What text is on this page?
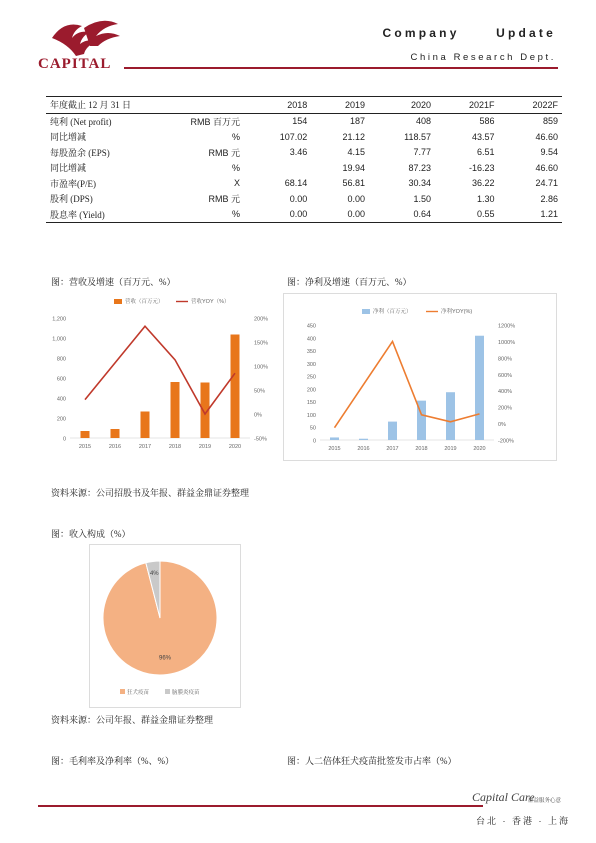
CAPITAL
Company Update
China Research Dept.
年度截止 12 月 31 日		2018	2019	2020	2021F	2022F
纯利 (Net profit)	RMB 百万元	154	187	408	586	859
同比增减	%	107.02	21.12	118.57	43.57	46.60
每股盈余 (EPS)	RMB 元	3.46	4.15	7.77	6.51	9.54
同比增减	%		19.94	87.23	-16.23	46.60
市盈率(P/E)	X	68.14	56.81	30.34	36.22	24.71
股利 (DPS)	RMB 元	0.00	0.00	1.50	1.30	2.86
股息率 (Yield)	%	0.00	0.00	0.64	0.55	1.21
图：营收及增速（百万元、%）	图：净利及增速（百万元、%）
0
200
400
600
800
1,000
1,200
-50%
0%
50%
100%
150%
200%
2015	2016	2017	2018	2019	2020
营收（百万元）	营收YOY（%）
0
50
100
150
200
250
300
350
400
450
-200%
0%
200%
400%
600%
800%
1000%
1200%
2015	2016	2017	2018	2019	2020
净利（百万元）	净利YOY(%)
资料来源：公司招股书及年报、群益金鼎证券整理
图：收入构成（%）
96%
4%
狂犬疫苗	脑膜炎疫苗
资料来源：公司年报、群益金鼎证券整理
图：毛利率及净利率（%、%）	图：人二倍体狂犬疫苗批签发市占率（%）
Capital Care
群益服务心意
台北 · 香港 · 上海
